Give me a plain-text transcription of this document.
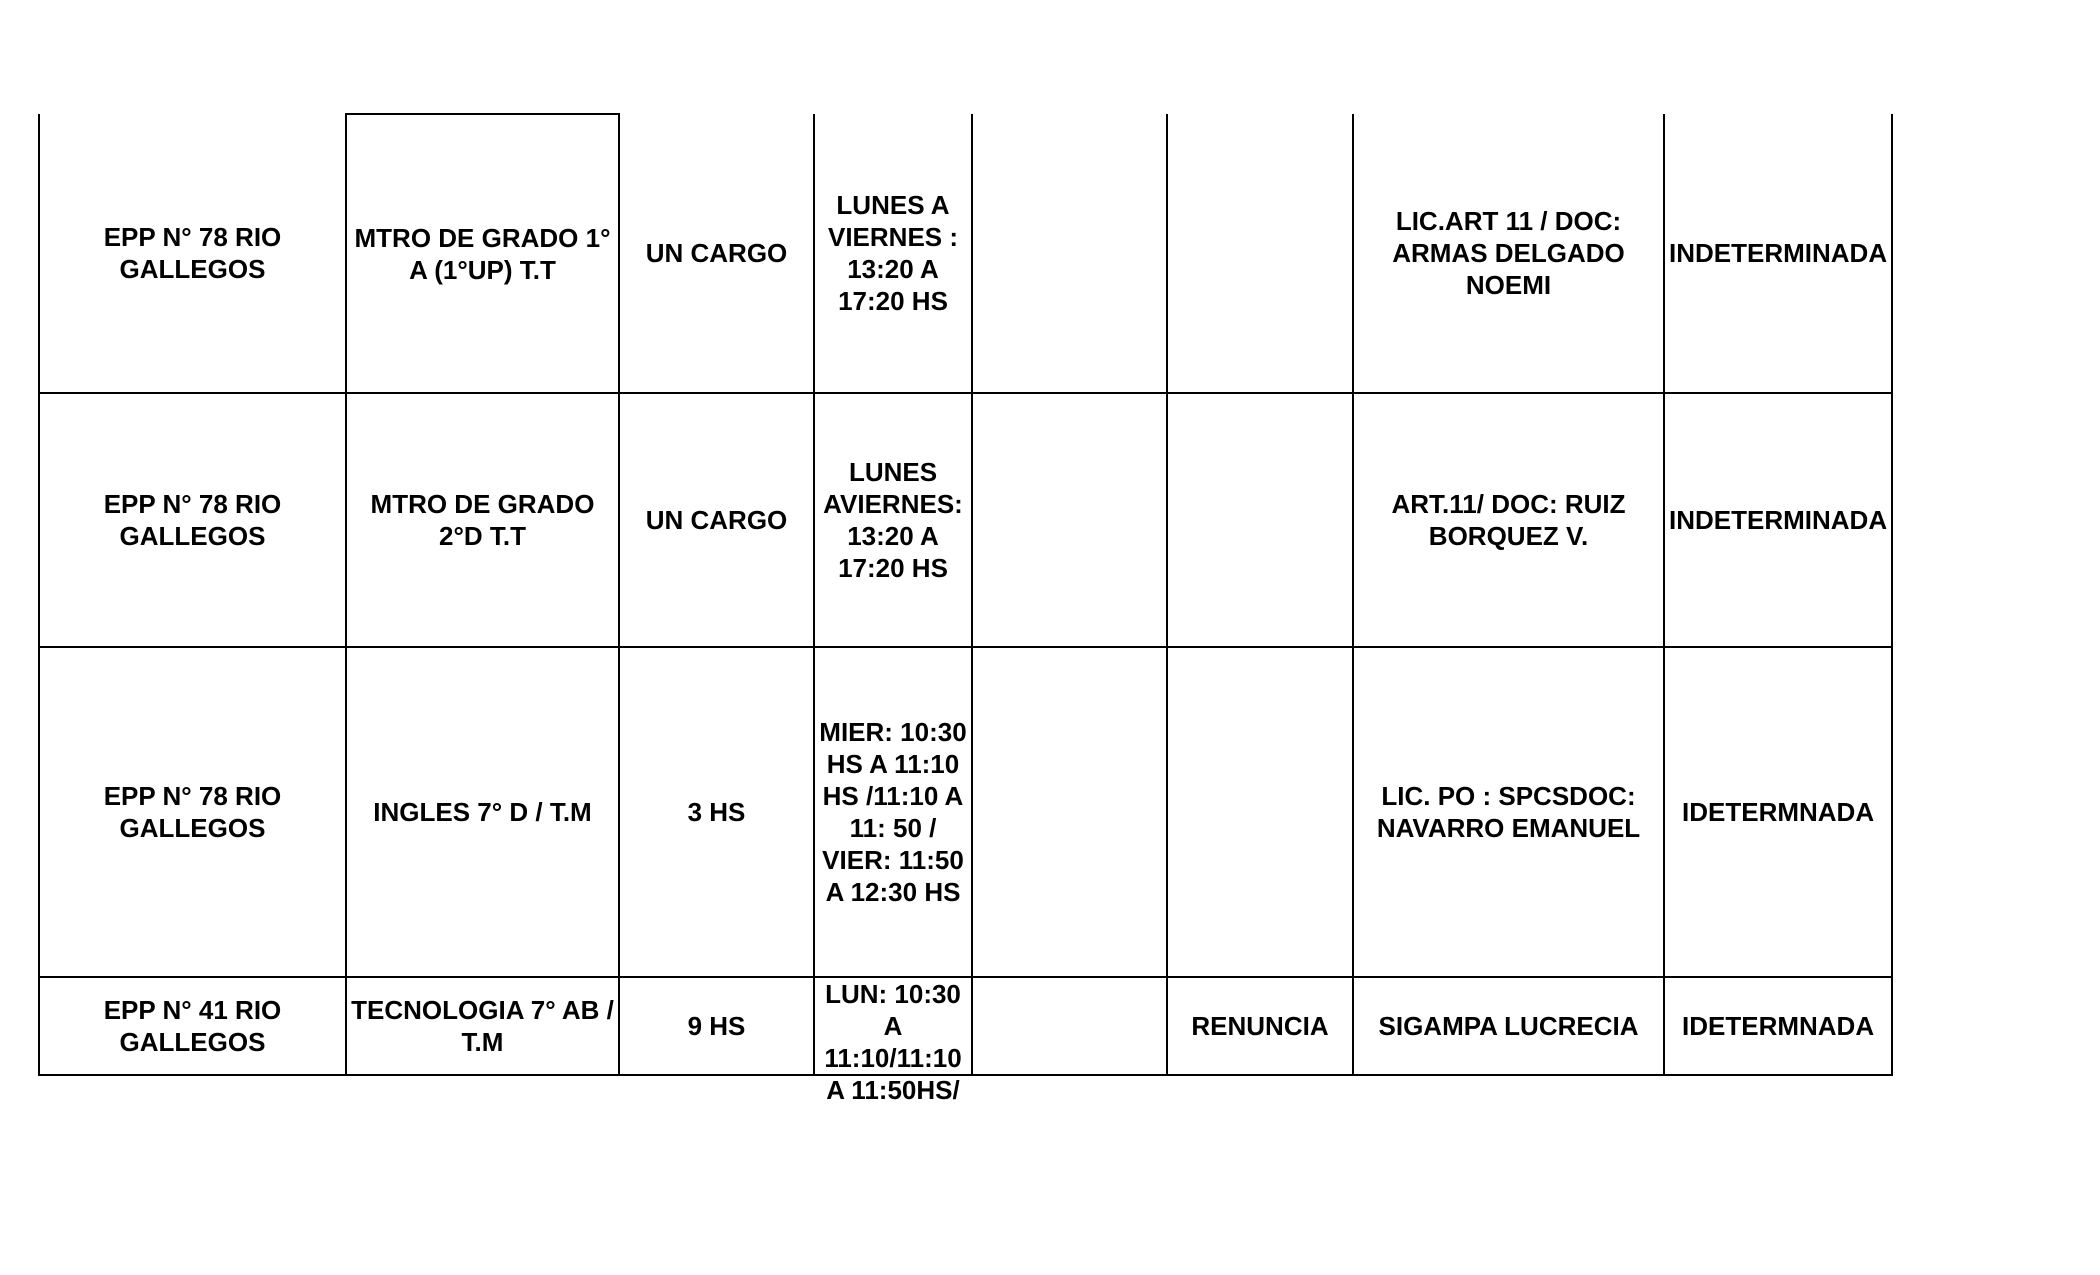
EPP N° 78 RIO GALLEGOS	MTRO DE GRADO 1° A (1°UP) T.T	UN CARGO	LUNES A VIERNES : 13:20 A 17:20 HS			LIC.ART 11 / DOC: ARMAS DELGADO NOEMI	INDETERMINADA
EPP N° 78 RIO GALLEGOS	MTRO DE GRADO 2°D T.T	UN CARGO	LUNES AVIERNES: 13:20 A 17:20 HS			ART.11/ DOC: RUIZ BORQUEZ V.	INDETERMINADA
EPP N° 78 RIO GALLEGOS	INGLES 7° D / T.M	3 HS	MIER: 10:30 HS A 11:10 HS /11:10 A 11: 50 / VIER: 11:50 A 12:30 HS			LIC. PO : SPCSDOC: NAVARRO EMANUEL	IDETERMNADA
EPP N° 41 RIO GALLEGOS	TECNOLOGIA 7° AB / T.M	9 HS	LUN: 10:30 A 11:10/11:10 A 11:50HS/		RENUNCIA	SIGAMPA LUCRECIA	IDETERMNADA
